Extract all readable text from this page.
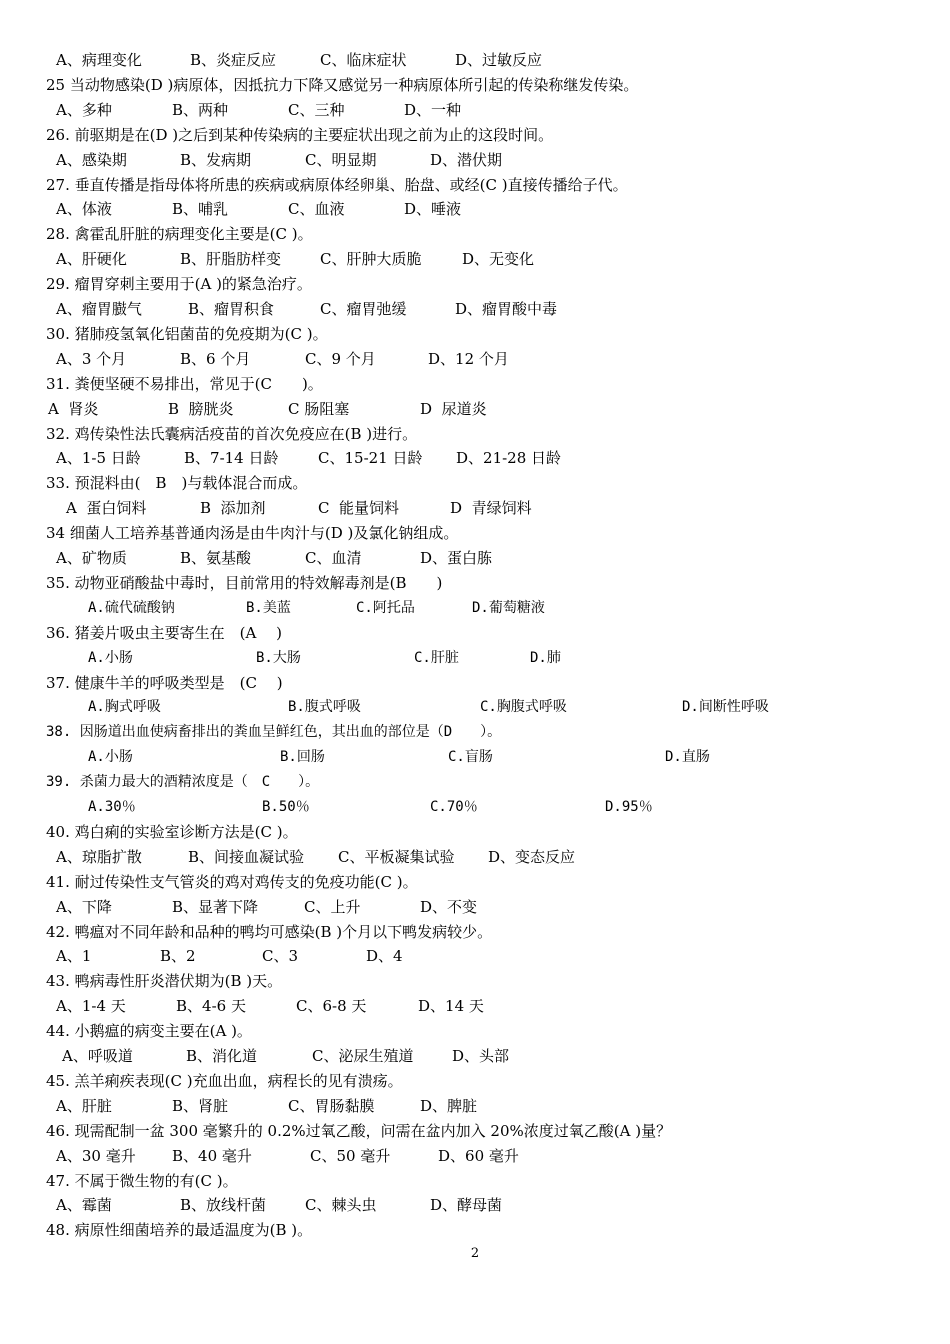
A、病理变化	B、炎症反应	C、临床症状	D、过敏反应
25 当动物感染(D )病原体，因抵抗力下降又感觉另一种病原体所引起的传染称继发传染。
A、多种	B、两种	C、三种	D、一种
26. 前驱期是在(D )之后到某种传染病的主要症状出现之前为止的这段时间。
A、感染期	B、发病期	C、明显期	D、潜伏期
27. 垂直传播是指母体将所患的疾病或病原体经卵巢、胎盘、或经(C )直接传播给子代。
A、体液	B、哺乳	C、血液	D、唾液
28. 禽霍乱肝脏的病理变化主要是(C )。
A、肝硬化	B、肝脂肪样变	C、肝肿大质脆	D、无变化
29. 瘤胃穿刺主要用于(A )的紧急治疗。
A、瘤胃臌气	B、瘤胃积食	C、瘤胃弛缓	D、瘤胃酸中毒
30. 猪肺疫氢氧化铝菌苗的免疫期为(C )。
A、3 个月	B、6 个月	C、9 个月	D、12 个月
31. 粪便坚硬不易排出，常见于(C　　)。
A  肾炎	B  膀胱炎	C 肠阻塞	D  尿道炎
32. 鸡传染性法氏囊病活疫苗的首次免疫应在(B )进行。
A、1-5 日龄	B、7-14 日龄	C、15-21 日龄 D、21-28 日龄
33. 预混料由(　B　)与载体混合而成。
A  蛋白饲料	B  添加剂	C  能量饲料	D  青绿饲料
34 细菌人工培养基普通肉汤是由牛肉汁与(D )及氯化钠组成。
A、矿物质	B、氨基酸	C、血清	D、蛋白胨
35. 动物亚硝酸盐中毒时，目前常用的特效解毒剂是(B　　)
A.硫代硫酸钠	B.美蓝	C.阿托品	D.葡萄糖液
36. 猪姜片吸虫主要寄生在　(A　 )
A.小肠	B.大肠	C.肝脏	D.肺
37. 健康牛羊的呼吸类型是　(C　 )
A.胸式呼吸	B.腹式呼吸	C.胸腹式呼吸	D.间断性呼吸
38. 因肠道出血使病畜排出的粪血呈鲜红色，其出血的部位是（D　　）。
A.小肠	B.回肠	C.盲肠	D.直肠
39. 杀菌力最大的酒精浓度是（　C　　）。
A.30％	B.50％	C.70％	D.95％
40. 鸡白痢的实验室诊断方法是(C )。
A、琼脂扩散	B、间接血凝试验 C、平板凝集试验 D、变态反应
41. 耐过传染性支气管炎的鸡对鸡传支的免疫功能(C )。
A、下降	B、显著下降	C、上升	D、不变
42. 鸭瘟对不同年龄和品种的鸭均可感染(B )个月以下鸭发病较少。
A、1	B、2	C、3	D、4
43. 鸭病毒性肝炎潜伏期为(B )天。
A、1-4 天	B、4-6 天	C、6-8 天	D、14 天
44. 小鹅瘟的病变主要在(A )。
A、呼吸道	B、消化道	C、泌尿生殖道	D、头部
45. 羔羊痢疾表现(C )充血出血，病程长的见有溃疡。
A、肝脏	B、肾脏	C、胃肠黏膜	D、脾脏
46. 现需配制一盆 300 毫繁升的 0.2%过氧乙酸，问需在盆内加入 20%浓度过氧乙酸(A )量？
A、30 毫升 B、40 毫升	C、50 毫升	D、60 毫升
47. 不属于微生物的有(C )。
A、霉菌	B、放线杆菌	C、棘头虫	D、酵母菌
48. 病原性细菌培养的最适温度为(B )。
2
